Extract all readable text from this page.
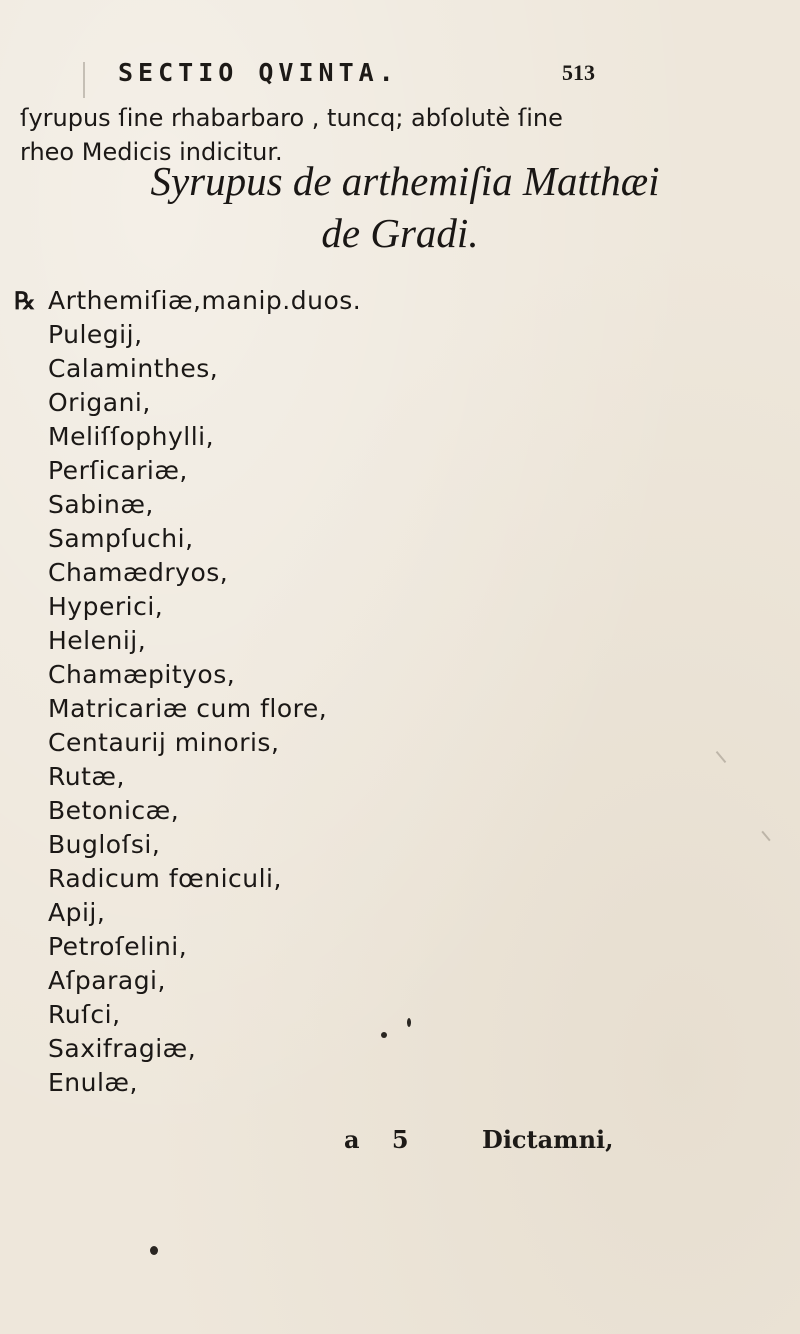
SECTIO QVINTA.	513
ſyrupus ſine rhabarbaro , tuncq; abſolutè ſine
rheo Medicis indicitur.
Syrupus de arthemiſia Matthæi
de Gradi.
℞ Arthemiſiæ,manip.duos.
Pulegij,
Calaminthes,
Origani,
Meliſſophylli,
Perſicariæ,
Sabinæ,
Sampſuchi,
Chamædryos,
Hyperici,
Helenij,
Chamæpityos,
Matricariæ cum flore,
Centaurij minoris,
Rutæ,
Betonicæ,
Bugloſsi,
Radicum fœniculi,
Apij,
Petroſelini,
Aſparagi,
Ruſci,
Saxifragiæ,
Enulæ,
a 5	Dictamni,
